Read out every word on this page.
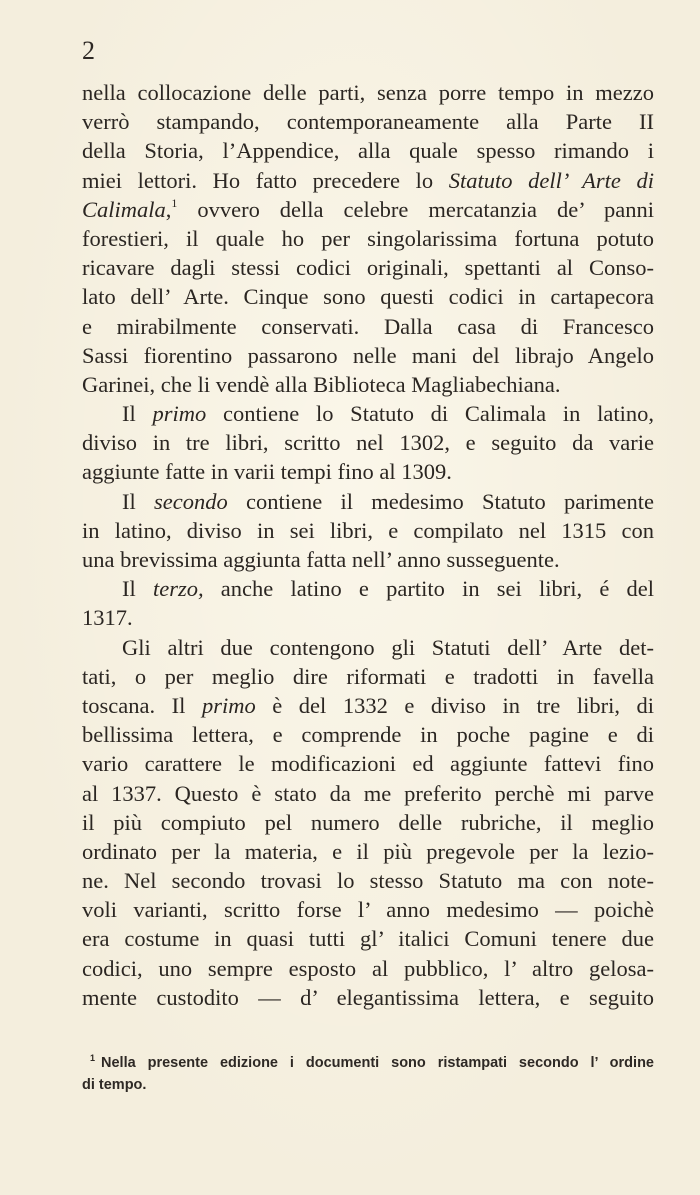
2
nella collocazione delle parti, senza porre tempo in mezzo
verrò stampando, contemporaneamente alla Parte II
della Storia, l’Appendice, alla quale spesso rimando i
miei lettori. Ho fatto precedere lo Statuto dell’ Arte di
Calimala,$^1$ ovvero della celebre mercatanzia de’ panni
forestieri, il quale ho per singolarissima fortuna potuto
ricavare dagli stessi codici originali, spettanti al Conso-
lato dell’ Arte. Cinque sono questi codici in cartapecora
e mirabilmente conservati. Dalla casa di Francesco
Sassi fiorentino passarono nelle mani del librajo Angelo
Garinei, che li vendè alla Biblioteca Magliabechiana.
Il primo contiene lo Statuto di Calimala in latino,
diviso in tre libri, scritto nel 1302, e seguito da varie
aggiunte fatte in varii tempi fino al 1309.
Il secondo contiene il medesimo Statuto parimente
in latino, diviso in sei libri, e compilato nel 1315 con
una brevissima aggiunta fatta nell’ anno susseguente.
Il terzo, anche latino e partito in sei libri, é del
1317.
Gli altri due contengono gli Statuti dell’ Arte det-
tati, o per meglio dire riformati e tradotti in favella
toscana. Il primo è del 1332 e diviso in tre libri, di
bellissima lettera, e comprende in poche pagine e di
vario carattere le modificazioni ed aggiunte fattevi fino
al 1337. Questo è stato da me preferito perchè mi parve
il più compiuto pel numero delle rubriche, il meglio
ordinato per la materia, e il più pregevole per la lezio-
ne. Nel secondo trovasi lo stesso Statuto ma con note-
voli varianti, scritto forse l’ anno medesimo — poichè
era costume in quasi tutti gl’ italici Comuni tenere due
codici, uno sempre esposto al pubblico, l’ altro gelosa-
mente custodito — d’ elegantissima lettera, e seguito
$^1$ Nella presente edizione i documenti sono ristampati secondo l’ ordine
di tempo.
